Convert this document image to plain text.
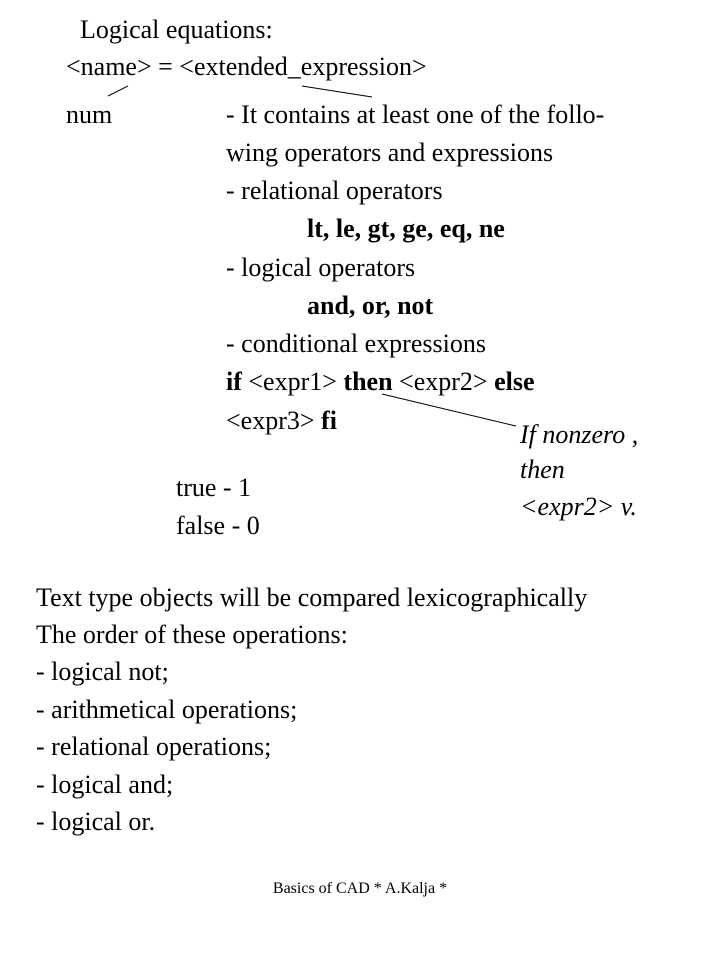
Logical equations:
<name> = <extended_expression>
num	- It contains at least one of the follo-
wing operators and expressions
- relational operators
lt, le, gt, ge, eq, ne
- logical operators
and, or, not
- conditional expressions
if <expr1> then <expr2> else
<expr3> fi	If nonzero ,
then
<expr2> v.
true - 1
false - 0
Text type objects will be compared lexicographically
The order of these operations:
- logical not;
- arithmetical operations;
- relational operations;
- logical and;
- logical or.
Basics of CAD * A.Kalja *
